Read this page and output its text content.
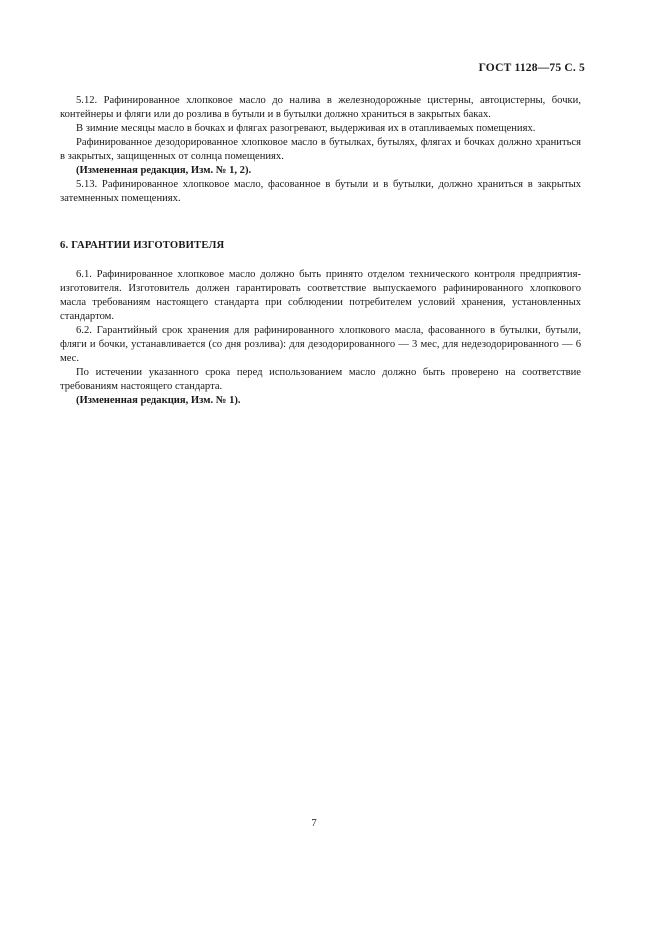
ГОСТ 1128—75 С. 5

5.12. Рафинированное хлопковое масло до налива в железнодорожные цистерны, автоцистерны, бочки, контейнеры и фляги или до розлива в бутыли и в бутылки должно храниться в закрытых баках.

В зимние месяцы масло в бочках и флягах разогревают, выдерживая их в отапливаемых помещениях.

Рафинированное дезодорированное хлопковое масло в бутылках, бутылях, флягах и бочках должно храниться в закрытых, защищенных от солнца помещениях.

(Измененная редакция, Изм. № 1, 2).

5.13. Рафинированное хлопковое масло, фасованное в бутыли и в бутылки, должно храниться в закрытых затемненных помещениях.

6. ГАРАНТИИ ИЗГОТОВИТЕЛЯ

6.1. Рафинированное хлопковое масло должно быть принято отделом технического контроля предприятия-изготовителя. Изготовитель должен гарантировать соответствие выпускаемого рафинированного хлопкового масла требованиям настоящего стандарта при соблюдении потребителем условий хранения, установленных стандартом.

6.2. Гарантийный срок хранения для рафинированного хлопкового масла, фасованного в бутылки, бутыли, фляги и бочки, устанавливается (со дня розлива): для дезодорированного — 3 мес, для недезодорированного — 6 мес.

По истечении указанного срока перед использованием масло должно быть проверено на соответствие требованиям настоящего стандарта.

(Измененная редакция, Изм. № 1).

7
